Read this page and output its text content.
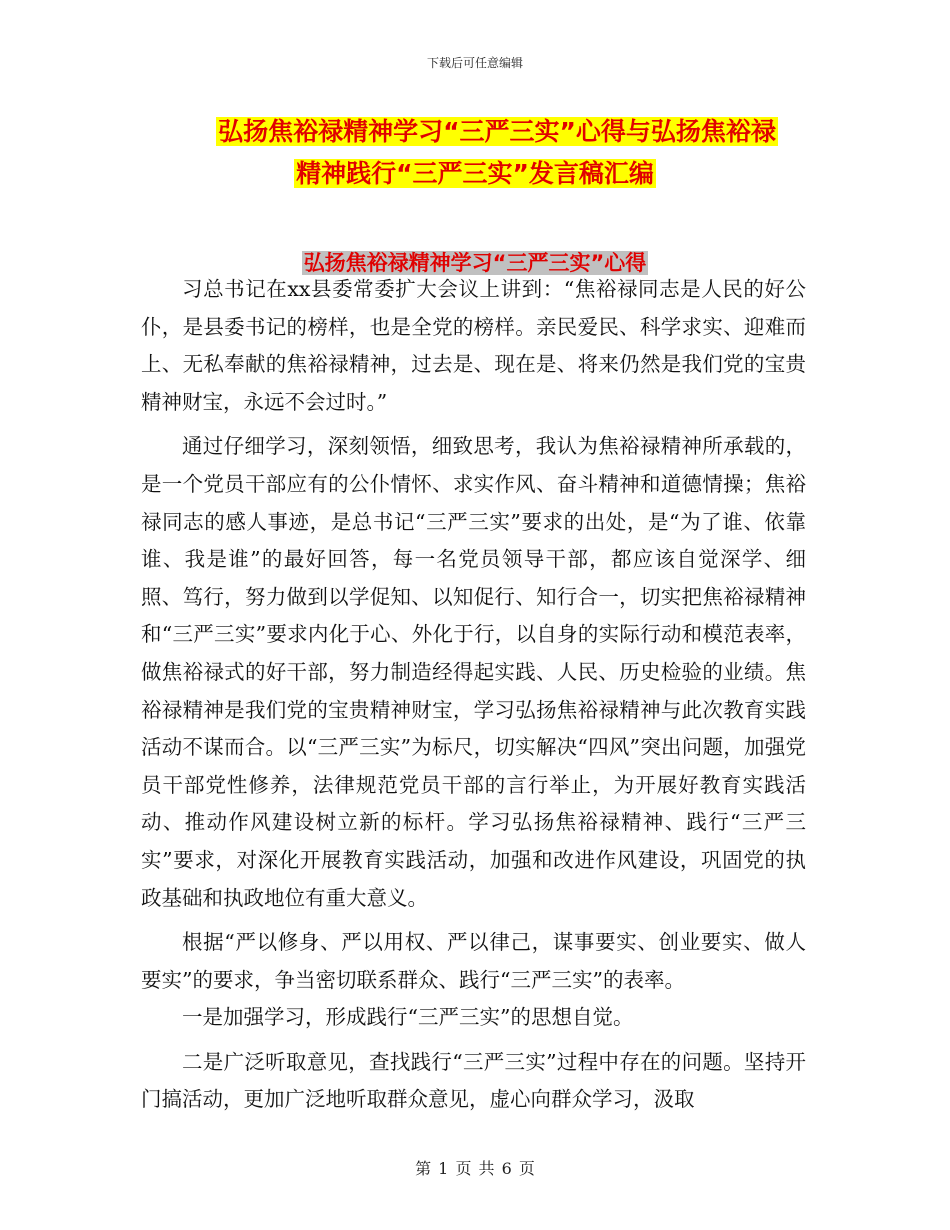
下载后可任意编辑
弘扬焦裕禄精神学习“三严三实”心得与弘扬焦裕禄
精神践行“三严三实”发言稿汇编
弘扬焦裕禄精神学习“三严三实”心得

习总书记在xx县委常委扩大会议上讲到：“焦裕禄同志是人民的好公仆，是县委书记的榜样，也是全党的榜样。亲民爱民、科学求实、迎难而上、无私奉献的焦裕禄精神，过去是、现在是、将来仍然是我们党的宝贵精神财宝，永远不会过时。”

通过仔细学习，深刻领悟，细致思考，我认为焦裕禄精神所承载的，是一个党员干部应有的公仆情怀、求实作风、奋斗精神和道德情操；焦裕禄同志的感人事迹，是总书记“三严三实”要求的出处，是“为了谁、依靠谁、我是谁”的最好回答，每一名党员领导干部，都应该自觉深学、细照、笃行，努力做到以学促知、以知促行、知行合一，切实把焦裕禄精神和“三严三实”要求内化于心、外化于行，以自身的实际行动和模范表率，做焦裕禄式的好干部，努力制造经得起实践、人民、历史检验的业绩。焦裕禄精神是我们党的宝贵精神财宝，学习弘扬焦裕禄精神与此次教育实践活动不谋而合。以“三严三实”为标尺，切实解决“四风”突出问题，加强党员干部党性修养，法律规范党员干部的言行举止，为开展好教育实践活动、推动作风建设树立新的标杆。学习弘扬焦裕禄精神、践行“三严三实”要求，对深化开展教育实践活动，加强和改进作风建设，巩固党的执政基础和执政地位有重大意义。

根据“严以修身、严以用权、严以律己，谋事要实、创业要实、做人要实”的要求，争当密切联系群众、践行“三严三实”的表率。

一是加强学习，形成践行“三严三实”的思想自觉。

二是广泛听取意见，查找践行“三严三实”过程中存在的问题。坚持开门搞活动，更加广泛地听取群众意见，虚心向群众学习，汲取

第 1 页 共 6 页
